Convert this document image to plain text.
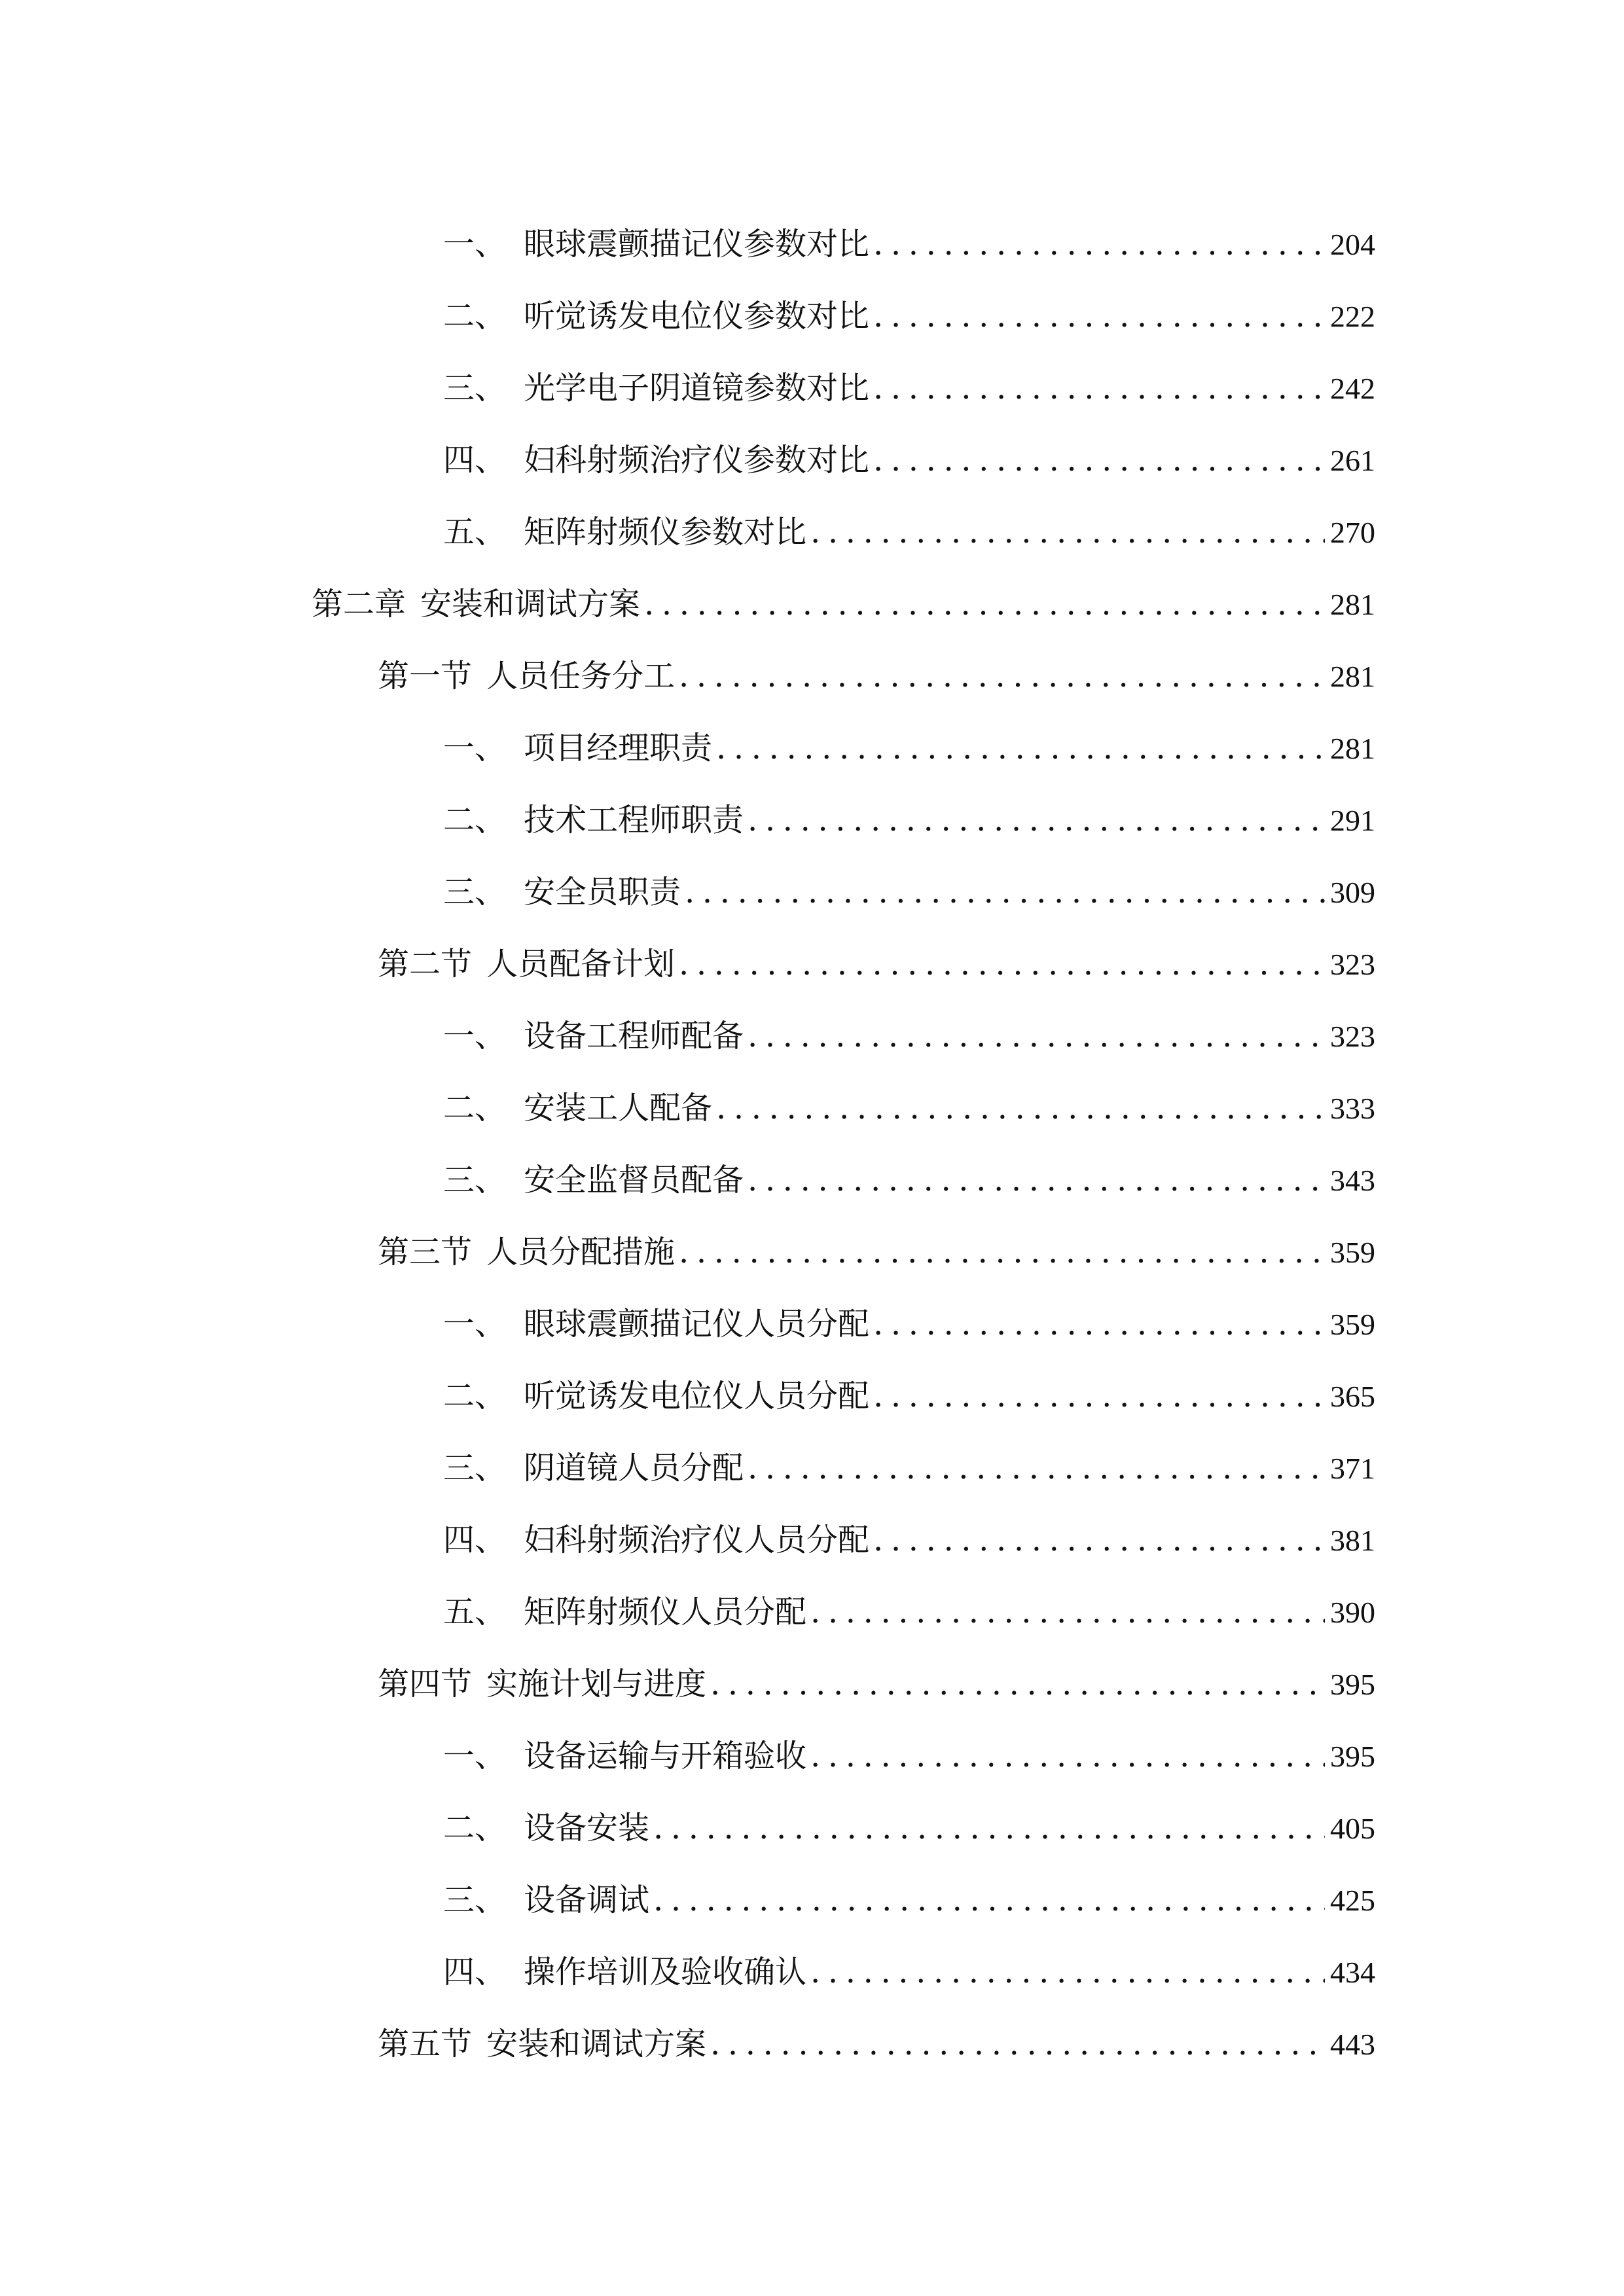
一、 眼球震颤描记仪参数对比 .....	204
二、 听觉诱发电位仪参数对比 .....	222
三、 光学电子阴道镜参数对比 .....	242
四、 妇科射频治疗仪参数对比 .....	261
五、 矩阵射频仪参数对比 .....	270
第二章 安装和调试方案 .....	281
第一节 人员任务分工 .....	281
一、 项目经理职责 .....	281
二、 技术工程师职责 .....	291
三、 安全员职责 .....	309
第二节 人员配备计划 .....	323
一、 设备工程师配备 .....	323
二、 安装工人配备 .....	333
三、 安全监督员配备 .....	343
第三节 人员分配措施 .....	359
一、 眼球震颤描记仪人员分配 .....	359
二、 听觉诱发电位仪人员分配 .....	365
三、 阴道镜人员分配 .....	371
四、 妇科射频治疗仪人员分配 .....	381
五、 矩阵射频仪人员分配 .....	390
第四节 实施计划与进度 .....	395
一、 设备运输与开箱验收 .....	395
二、 设备安装 .....	405
三、 设备调试 .....	425
四、 操作培训及验收确认 .....	434
第五节 安装和调试方案 .....	443
